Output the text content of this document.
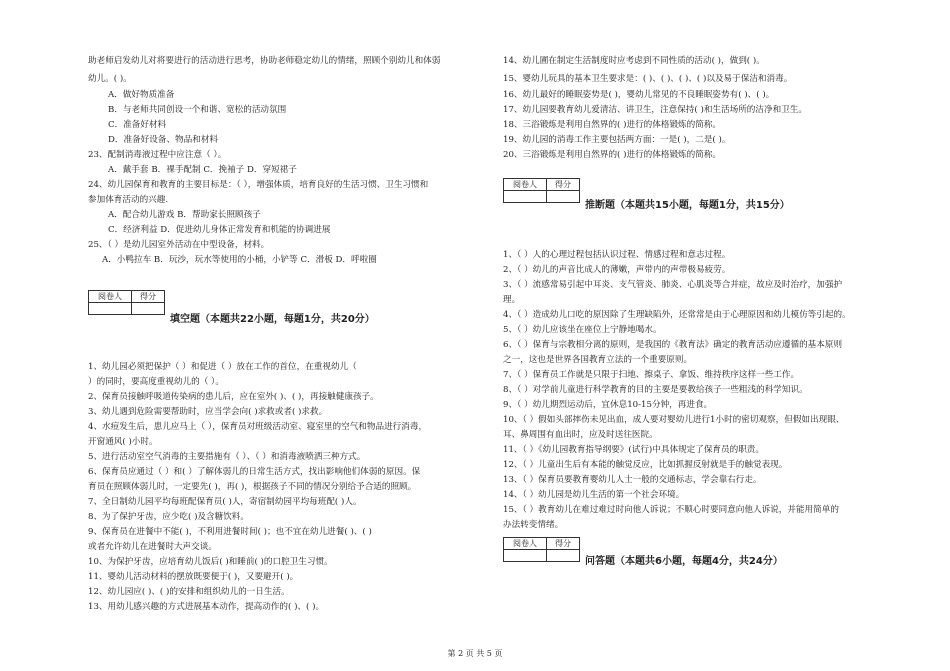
助老师启发幼儿对将要进行的活动进行思考，协助老师稳定幼儿的情绪，照顾个别幼儿和体弱
幼儿。( )。
A．做好物质准备
B．与老师共同创设一个和谐、宽松的活动氛围
C．准备好材料
D．准备好设备、物品和材料
23、配制消毒液过程中应注意（ ）。
A．戴手套 B．裸手配制 C．挽袖子 D．穿短裙子
24、幼儿园保育和教育的主要目标是：（ ），增强体质，培育良好的生活习惯、卫生习惯和
参加体育活动的兴趣.
A．配合幼儿游戏 B．帮助家长照顾孩子
C．经济利益 D．促进幼儿身体正常发育和机能的协调进展
25、（ ）是幼儿园室外活动在中型设备，材料。
A．小鸭拉车 B．玩沙，玩水等使用的小桶，小铲等 C．滑板 D．呼啦圈
阅卷人	得分

填空题（本题共22小题，每题1分，共20分）
1、幼儿园必须把保护（ ）和促进（ ）放在工作的首位，在重视幼儿（
）的同时，要高度重视幼儿的（ ）。
2、保育员接触呼吸道传染病的患儿后，应在室外( )、( )，再接触健康孩子。
3、幼儿遇到危险需要帮助时，应当学会向( )求救或者( )求救。
4、水痘发生后，患儿应马上（ ），保育员对班级活动室、寝室里的空气和物品进行消毒，
开窗通风( )小时。
5、进行活动室空气消毒的主要措施有（ ）、（ ）和消毒液喷洒三种方式。
6、保育员应通过（ ）和( ）了解体弱儿的日常生活方式，找出影响他们体弱的原因。保
育员在照顾体弱儿时，一定要先( )，再( )，根据孩子不同的情况分别给予合适的照顾。
7、全日制幼儿园平均每班配保育员( )人，寄宿制幼园平均每班配( )人。
8、为了保护牙齿，应少吃( )及含糖饮料。
9、保育员在进餐中不能( )，不利用进餐时间( )；也不宜在幼儿进餐( )、( )
或者允许幼儿在进餐时大声交谈。
10、为保护牙齿，应培育幼儿饭后( )和睡前( )的口腔卫生习惯。
11、婴幼儿活动材料的摆放既要便于( )，又要避开( )。
12、幼儿园应( )、( )的安排和组织幼儿的一日生活。
13、用幼儿感兴趣的方式进展基本动作，提高动作的( )、( )。
14、幼儿圃在制定生活制度时应考虑到不同性质的活动( )，做到( )。
15、婴幼儿玩具的基本卫生要求是：( )、( )、( )、( )以及易于保洁和消毒。
16、幼儿最好的睡眠姿势是( )，婴幼儿常见的不良睡眠姿势有( )、( )。
17、幼儿园要教育幼儿爱清洁、讲卫生，注意保持( )和生活场所的洁净和卫生。
18、三浴锻炼是利用自然界的( )进行的体格锻炼的简称。
19、幼儿园的消毒工作主要包括两方面：一是( )，二是( )。
20、三浴锻炼是利用自然界的( )进行的体格锻炼的简称。
阅卷人	得分

推断题（本题共15小题，每题1分，共15分）
1、（ ）人的心理过程包括认识过程、情感过程和意志过程。
2、（ ）幼儿的声音比成人的薄嫩，声带内的声带极易疲劳。
3、（ ）流感常易引起中耳炎、支气管炎、肺炎、心肌炎等合并症，故应及时治疗，加强护
理。
4、（ ）造成幼儿口吃的原因除了生理缺陷外，还常常是由于心理原因和幼儿模仿等引起的。
5、（ ）幼儿应该坐在座位上宁静地喝水。
6、（ ）保育与宗教相分离的原则，是我国的《教育法》确定的教育活动应遵循的基本原则
之一，这也是世界各国教育立法的一个重要原则。
7、（ ）保育员工作就是只限于扫地、擦桌子、拿饭、维持秩序这样一些工作。
8、（ ）对学前儿童进行科学教育的目的主要是要教给孩子一些粗浅的科学知识。
9、（ ）幼儿期烈运动后，宜休息10-15分钟，再进食。
10、（ ）假如头部摔伤未见出血，成人要对婴幼儿进行1小时的密切观察，但假如出现眼、
耳、鼻周围有血出时，应及时送往医院。
11、（ ）《幼儿园教育指导纲要》(试行)中具体规定了保育员的职责。
12、（ ）儿童出生后有本能的触觉反应，比如抓握反射就是手的触觉表现。
13、（ ）保育员要教育婴幼儿人士一般的交通标志，学会靠右行走。
14、（ ）幼儿园是幼儿生活的第一个社会环境。
15、（ ）教育幼儿在难过难过时向他人诉说；不顺心时要同意向他人诉说，并能用简单的
办法转变情绪。
阅卷人	得分

问答题（本题共6小题，每题4分，共24分）
第 2 页 共 5 页
